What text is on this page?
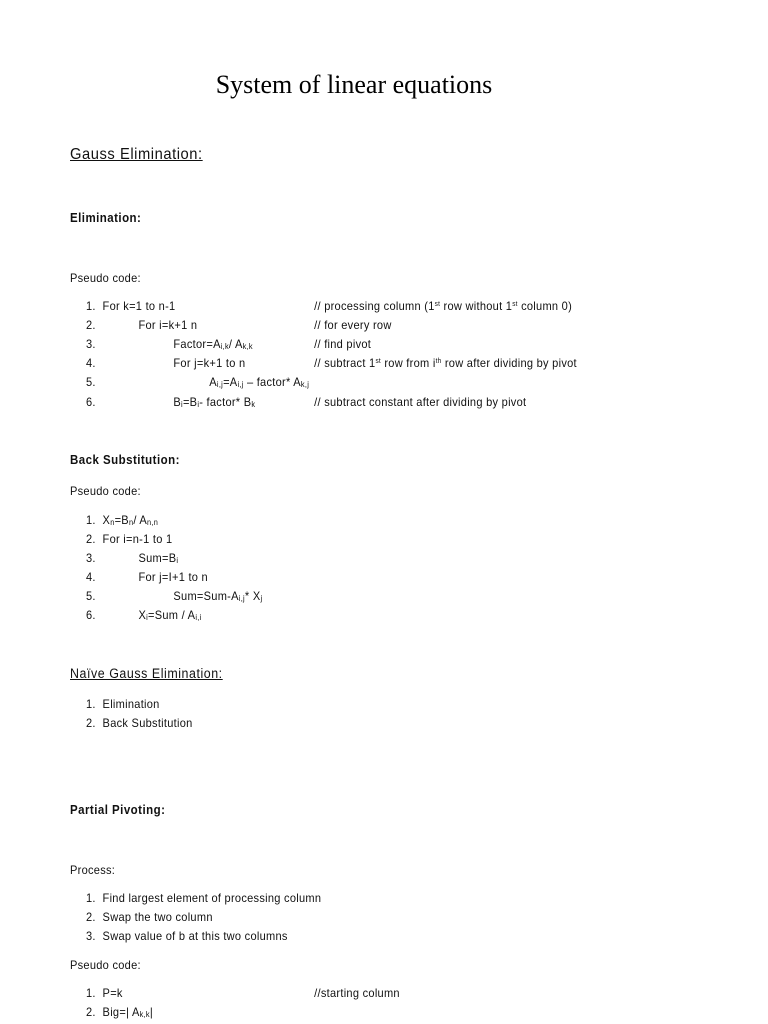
System of linear equations
Gauss Elimination:
Elimination:
Pseudo code:
1. For k=1 to n-1	// processing column (1st row without 1st column 0)
2.	For i=k+1 n	// for every row
3.	$Factor=A_{i,k}/$ $A_{k,k}$	// find pivot
4.	For j=k+1 to n	// subtract 1st row from $i^{th}$ row after dividing by pivot
5.	$A_{i,j}=A_{i,j}$ – factor* $A_{k,j}$
6.	$B_i=B_i-$ factor* $B_k$	// subtract constant after dividing by pivot
Back Substitution:
Pseudo code:
1. $X_n=B_n/$ $A_{n,n}$
2. For i=n-1 to 1
3.	$Sum=B_i$
4.	For j=I+1 to n
5.	$Sum=Sum-A_{i,j}*$ $X_j$
6.	$X_i=Sum / A_{i,i}$
Naïve Gauss Elimination:
1. Elimination
2. Back Substitution
Partial Pivoting:
Process:
1. Find largest element of processing column
2. Swap the two column
3. Swap value of b at this two columns
Pseudo code:
1. P=k	//starting column
2. Big=| $A_{k,k}|$
